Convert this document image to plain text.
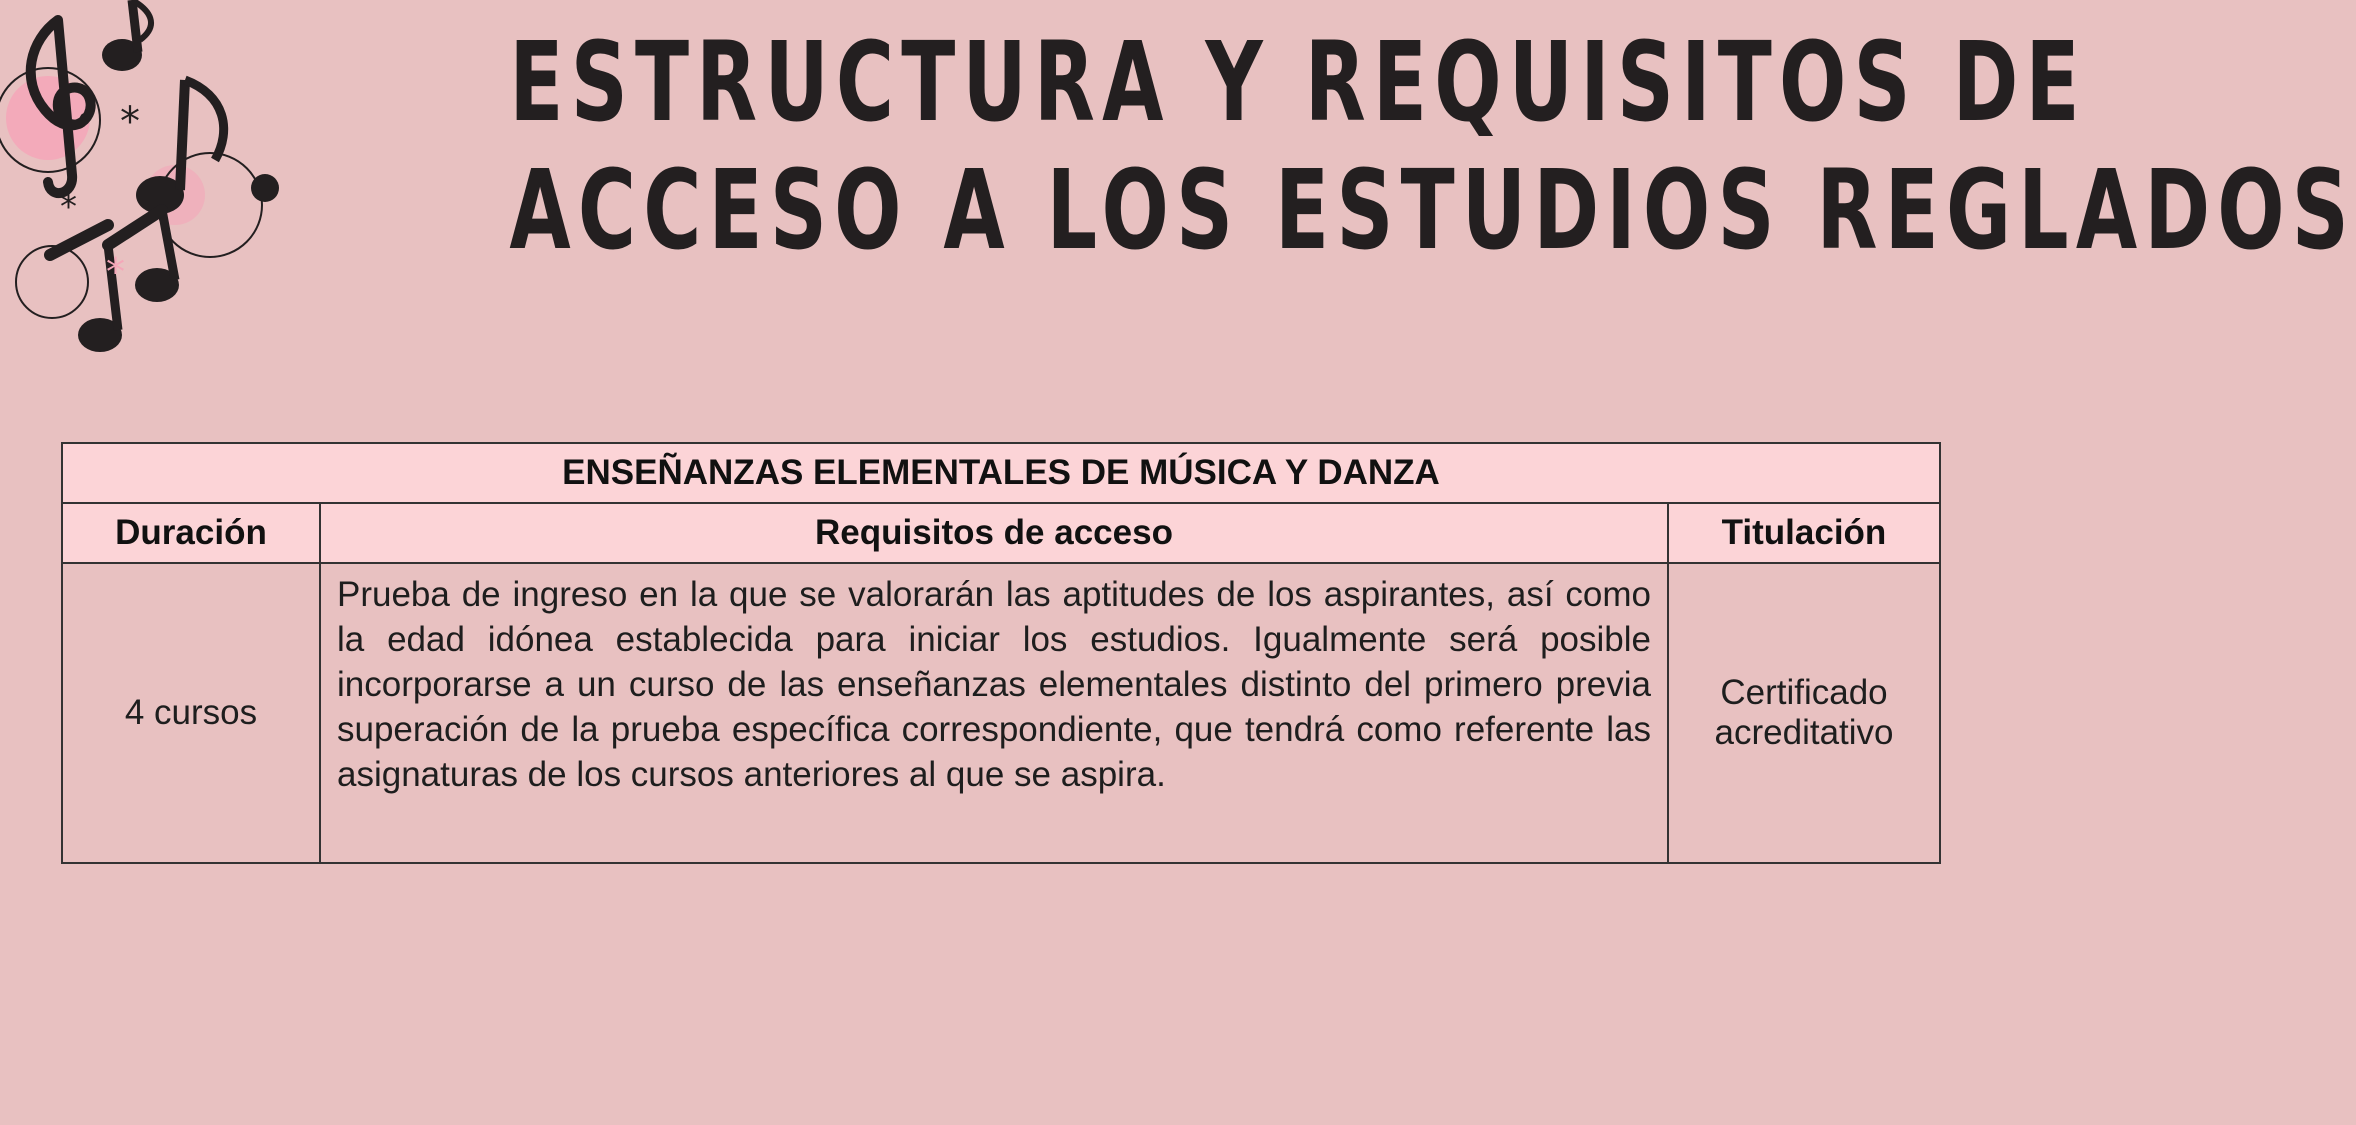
*
*
*
ESTRUCTURA Y REQUISITOS DE
ACCESO A LOS ESTUDIOS REGLADOS
ENSEÑANZAS ELEMENTALES DE MÚSICA Y DANZA		
Duración	Requisitos de acceso	Titulación
4 cursos	Prueba de ingreso en la que se valorarán las aptitudes de los aspirantes, así como la edad idónea establecida para iniciar los estudios. Igualmente será posible incorporarse a un curso de las enseñanzas elementales distinto del primero previa superación de la prueba específica correspondiente, que tendrá como referente las asignaturas de los cursos anteriores al que se aspira.	Certificado
acreditativo
